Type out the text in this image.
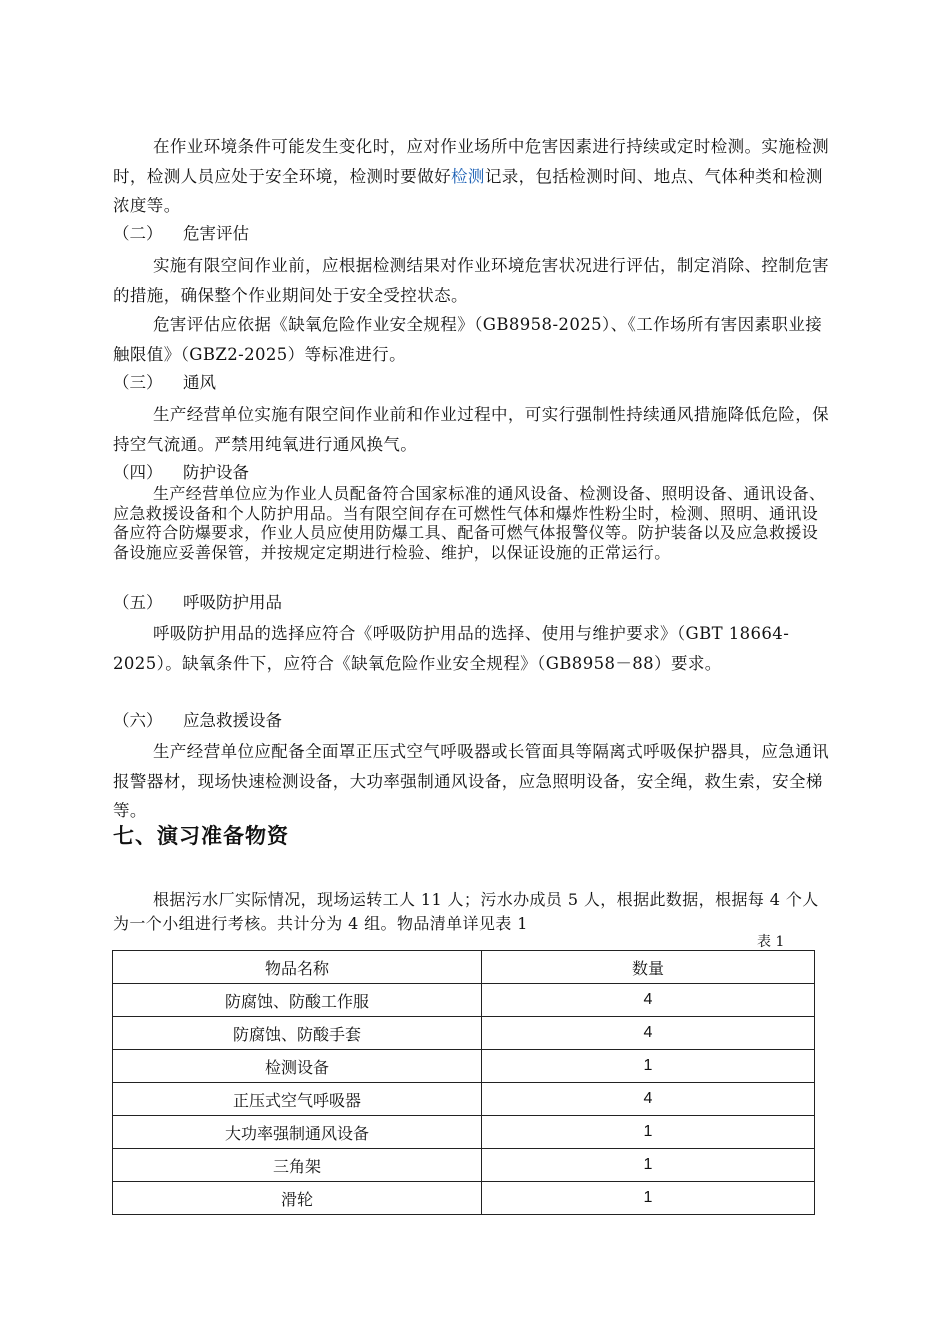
在作业环境条件可能发生变化时，应对作业场所中危害因素进行持续或定时检测。实施检测时，检测人员应处于安全环境，检测时要做好检测记录，包括检测时间、地点、气体种类和检测浓度等。

（二） 危害评估

实施有限空间作业前，应根据检测结果对作业环境危害状况进行评估，制定消除、控制危害的措施，确保整个作业期间处于安全受控状态。

危害评估应依据《缺氧危险作业安全规程》（GB8958-2025）、《工作场所有害因素职业接触限值》（GBZ2-2025）等标准进行。

（三） 通风

生产经营单位实施有限空间作业前和作业过程中，可实行强制性持续通风措施降低危险，保持空气流通。严禁用纯氧进行通风换气。

（四） 防护设备

生产经营单位应为作业人员配备符合国家标准的通风设备、检测设备、照明设备、通讯设备、应急救援设备和个人防护用品。当有限空间存在可燃性气体和爆炸性粉尘时，检测、照明、通讯设备应符合防爆要求，作业人员应使用防爆工具、配备可燃气体报警仪等。防护装备以及应急救援设备设施应妥善保管，并按规定定期进行检验、维护，以保证设施的正常运行。

（五） 呼吸防护用品

呼吸防护用品的选择应符合《呼吸防护用品的选择、使用与维护要求》（GBT 18664-2025）。缺氧条件下，应符合《缺氧危险作业安全规程》（GB8958－88）要求。

（六） 应急救援设备

生产经营单位应配备全面罩正压式空气呼吸器或长管面具等隔离式呼吸保护器具，应急通讯报警器材，现场快速检测设备，大功率强制通风设备，应急照明设备，安全绳，救生索，安全梯等。

七、演习准备物资

根据污水厂实际情况，现场运转工人 11 人；污水办成员 5 人，根据此数据，根据每 4 个人为一个小组进行考核。共计分为 4 组。物品清单详见表 1

表 1
物品名称	数量
防腐蚀、防酸工作服	4
防腐蚀、防酸手套	4
检测设备	1
正压式空气呼吸器	4
大功率强制通风设备	1
三角架	1
滑轮	1
